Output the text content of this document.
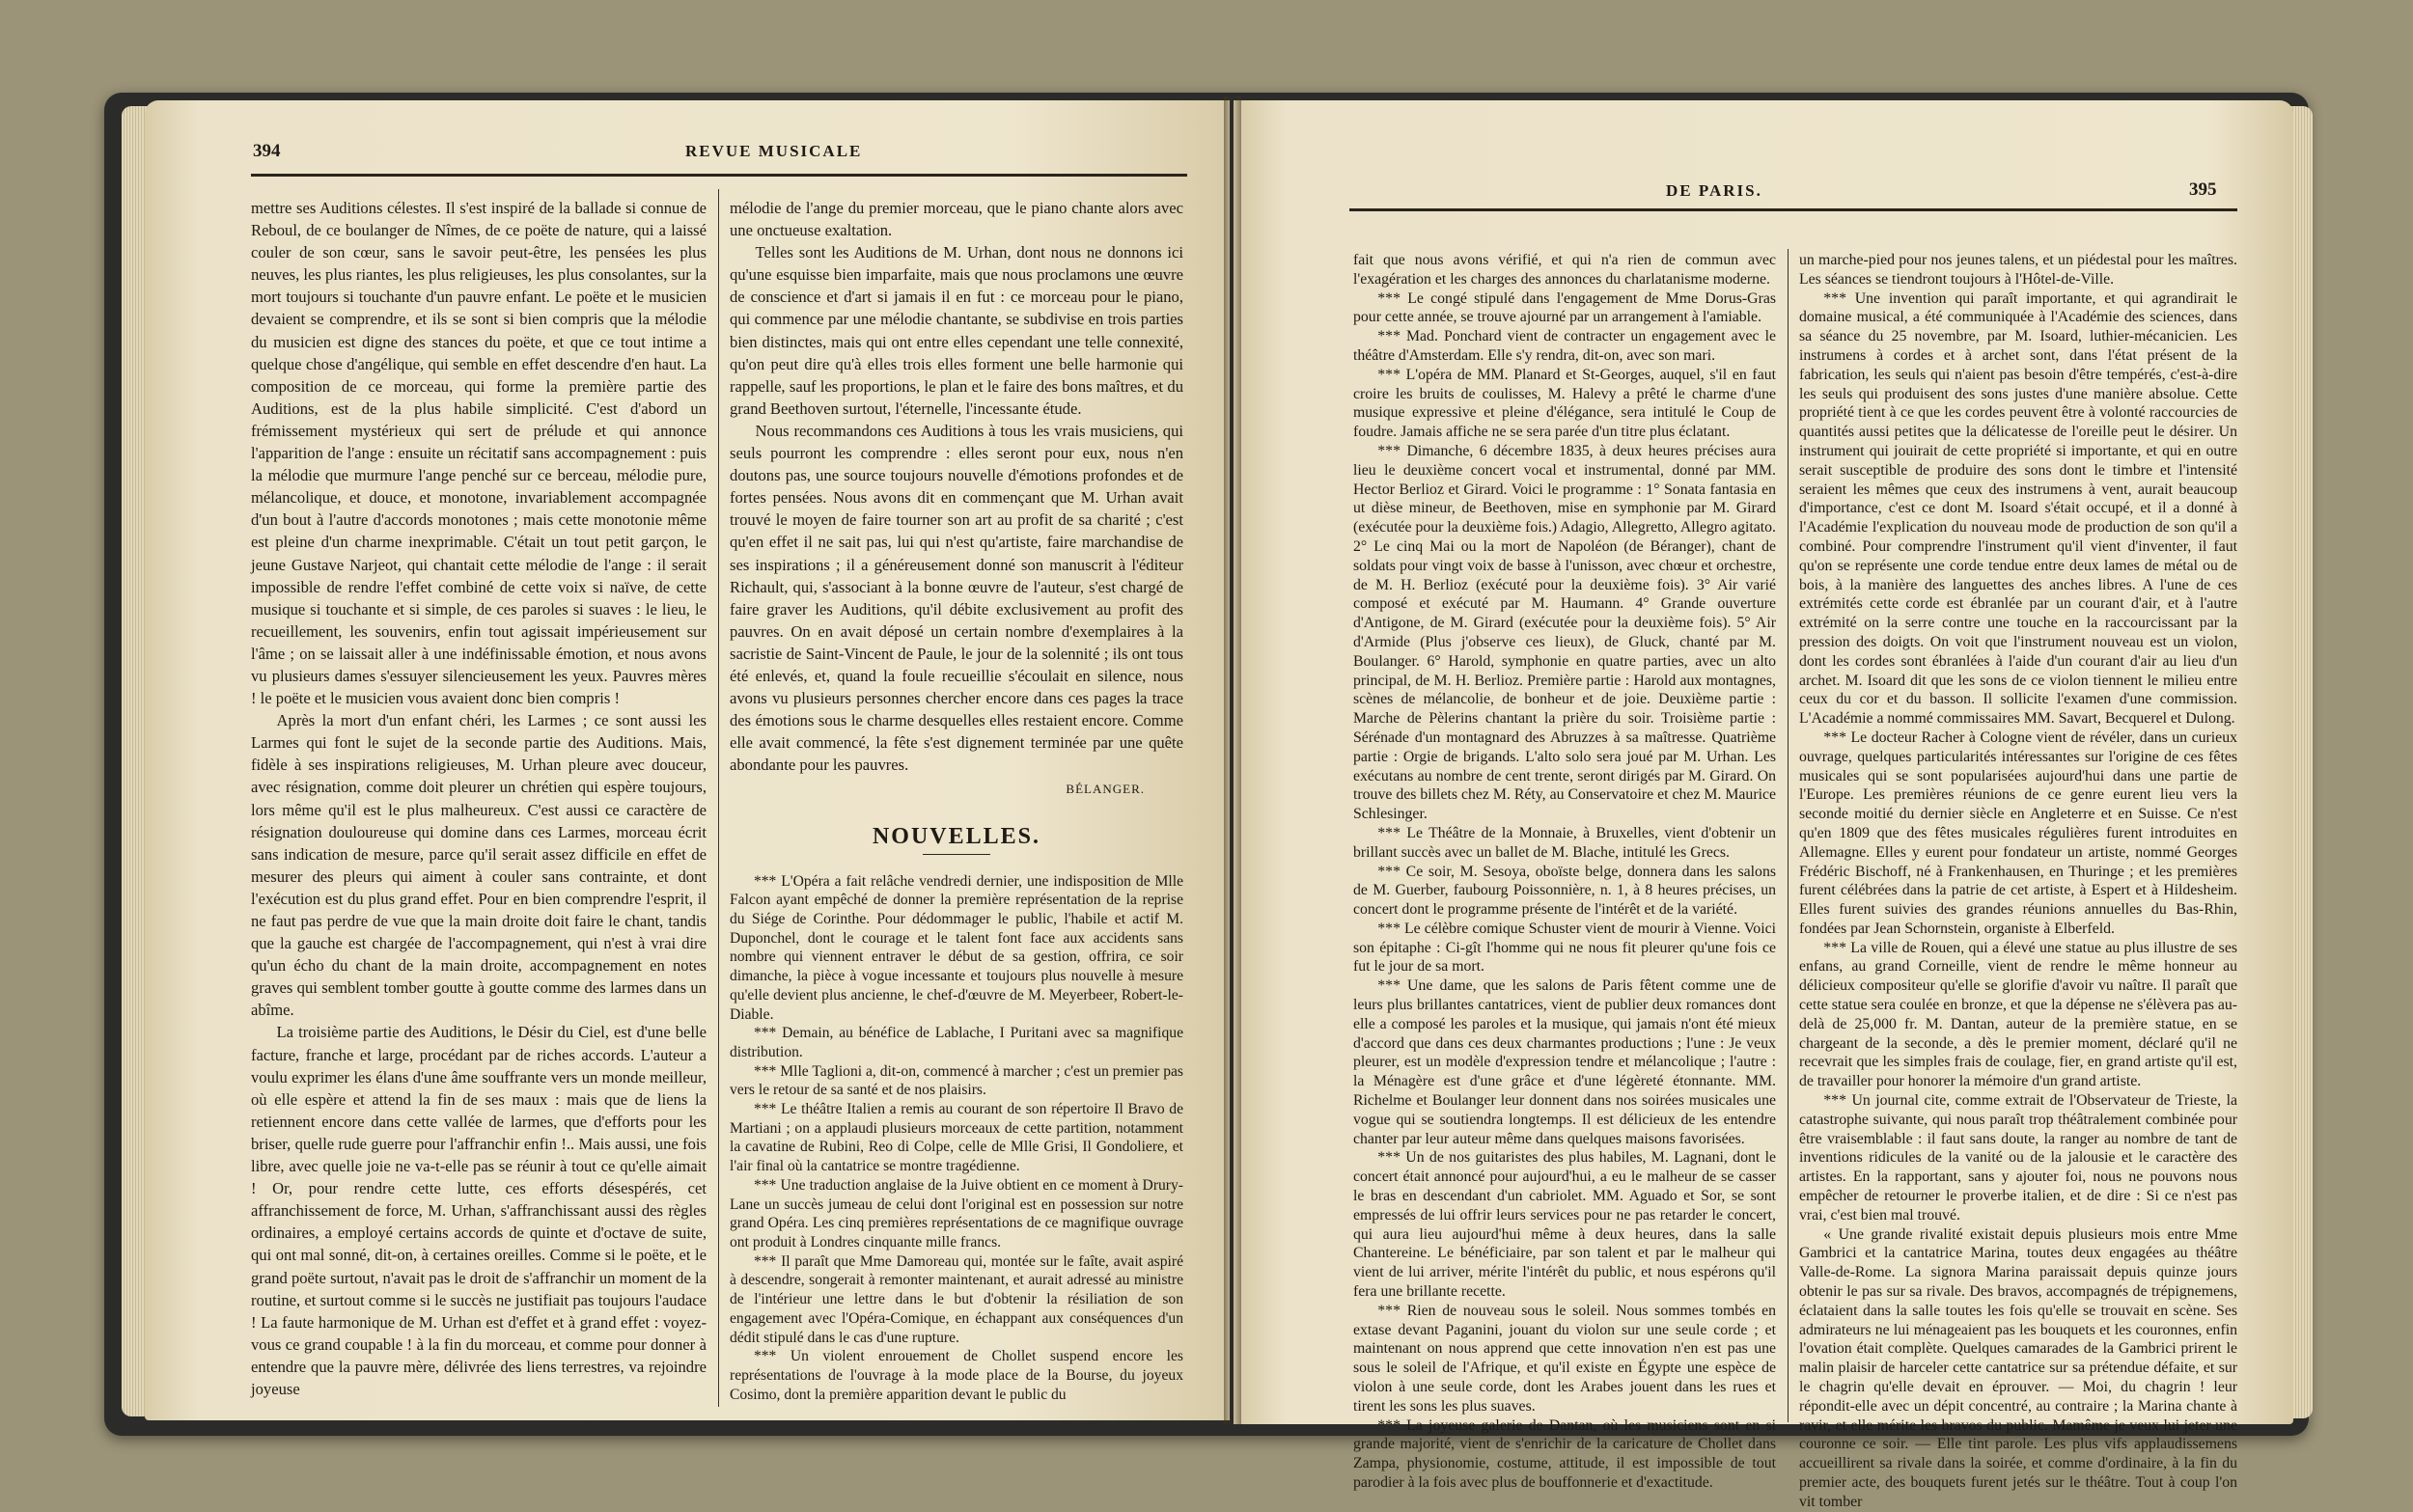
394	REVUE MUSICALE

mettre ses Auditions célestes. Il s'est inspiré de la ballade si connue de Reboul, de ce boulanger de Nîmes, de ce poëte de nature, qui a laissé couler de son cœur, sans le savoir peut-être, les pensées les plus neuves, les plus riantes, les plus religieuses, les plus consolantes, sur la mort toujours si touchante d'un pauvre enfant. Le poëte et le musicien devaient se comprendre, et ils se sont si bien compris que la mélodie du musicien est digne des stances du poëte, et que ce tout intime a quelque chose d'angélique, qui semble en effet descendre d'en haut. La composition de ce morceau, qui forme la première partie des Auditions, est de la plus habile simplicité. C'est d'abord un frémissement mystérieux qui sert de prélude et qui annonce l'apparition de l'ange : ensuite un récitatif sans accompagnement : puis la mélodie que murmure l'ange penché sur ce berceau, mélodie pure, mélancolique, et douce, et monotone, invariablement accompagnée d'un bout à l'autre d'accords monotones ; mais cette monotonie même est pleine d'un charme inexprimable. C'était un tout petit garçon, le jeune Gustave Narjeot, qui chantait cette mélodie de l'ange : il serait impossible de rendre l'effet combiné de cette voix si naïve, de cette musique si touchante et si simple, de ces paroles si suaves : le lieu, le recueillement, les souvenirs, enfin tout agissait impérieusement sur l'âme ; on se laissait aller à une indéfinissable émotion, et nous avons vu plusieurs dames s'essuyer silencieusement les yeux. Pauvres mères ! le poëte et le musicien vous avaient donc bien compris !

Après la mort d'un enfant chéri, les Larmes ; ce sont aussi les Larmes qui font le sujet de la seconde partie des Auditions. Mais, fidèle à ses inspirations religieuses, M. Urhan pleure avec douceur, avec résignation, comme doit pleurer un chrétien qui espère toujours, lors même qu'il est le plus malheureux. C'est aussi ce caractère de résignation douloureuse qui domine dans ces Larmes, morceau écrit sans indication de mesure, parce qu'il serait assez difficile en effet de mesurer des pleurs qui aiment à couler sans contrainte, et dont l'exécution est du plus grand effet. Pour en bien comprendre l'esprit, il ne faut pas perdre de vue que la main droite doit faire le chant, tandis que la gauche est chargée de l'accompagnement, qui n'est à vrai dire qu'un écho du chant de la main droite, accompagnement en notes graves qui semblent tomber goutte à goutte comme des larmes dans un abîme.

La troisième partie des Auditions, le Désir du Ciel, est d'une belle facture, franche et large, procédant par de riches accords. L'auteur a voulu exprimer les élans d'une âme souffrante vers un monde meilleur, où elle espère et attend la fin de ses maux : mais que de liens la retiennent encore dans cette vallée de larmes, que d'efforts pour les briser, quelle rude guerre pour l'affranchir enfin !.. Mais aussi, une fois libre, avec quelle joie ne va-t-elle pas se réunir à tout ce qu'elle aimait ! Or, pour rendre cette lutte, ces efforts désespérés, cet affranchissement de force, M. Urhan, s'affranchissant aussi des règles ordinaires, a employé certains accords de quinte et d'octave de suite, qui ont mal sonné, dit-on, à certaines oreilles. Comme si le poëte, et le grand poëte surtout, n'avait pas le droit de s'affranchir un moment de la routine, et surtout comme si le succès ne justifiait pas toujours l'audace ! La faute harmonique de M. Urhan est d'effet et à grand effet : voyez-vous ce grand coupable ! à la fin du morceau, et comme pour donner à entendre que la pauvre mère, délivrée des liens terrestres, va rejoindre joyeuse

mélodie de l'ange du premier morceau, que le piano chante alors avec une onctueuse exaltation.

Telles sont les Auditions de M. Urhan, dont nous ne donnons ici qu'une esquisse bien imparfaite, mais que nous proclamons une œuvre de conscience et d'art si jamais il en fut : ce morceau pour le piano, qui commence par une mélodie chantante, se subdivise en trois parties bien distinctes, mais qui ont entre elles cependant une telle connexité, qu'on peut dire qu'à elles trois elles forment une belle harmonie qui rappelle, sauf les proportions, le plan et le faire des bons maîtres, et du grand Beethoven surtout, l'éternelle, l'incessante étude.

Nous recommandons ces Auditions à tous les vrais musiciens, qui seuls pourront les comprendre : elles seront pour eux, nous n'en doutons pas, une source toujours nouvelle d'émotions profondes et de fortes pensées. Nous avons dit en commençant que M. Urhan avait trouvé le moyen de faire tourner son art au profit de sa charité ; c'est qu'en effet il ne sait pas, lui qui n'est qu'artiste, faire marchandise de ses inspirations ; il a généreusement donné son manuscrit à l'éditeur Richault, qui, s'associant à la bonne œuvre de l'auteur, s'est chargé de faire graver les Auditions, qu'il débite exclusivement au profit des pauvres. On en avait déposé un certain nombre d'exemplaires à la sacristie de Saint-Vincent de Paule, le jour de la solennité ; ils ont tous été enlevés, et, quand la foule recueillie s'écoulait en silence, nous avons vu plusieurs personnes chercher encore dans ces pages la trace des émotions sous le charme desquelles elles restaient encore. Comme elle avait commencé, la fête s'est dignement terminée par une quête abondante pour les pauvres.

BÉLANGER.
NOUVELLES.

*** L'Opéra a fait relâche vendredi dernier, une indisposition de Mlle Falcon ayant empêché de donner la première représentation de la reprise du Siége de Corinthe. Pour dédommager le public, l'habile et actif M. Duponchel, dont le courage et le talent font face aux accidents sans nombre qui viennent entraver le début de sa gestion, offrira, ce soir dimanche, la pièce à vogue incessante et toujours plus nouvelle à mesure qu'elle devient plus ancienne, le chef-d'œuvre de M. Meyerbeer, Robert-le-Diable.

*** Demain, au bénéfice de Lablache, I Puritani avec sa magnifique distribution.

*** Mlle Taglioni a, dit-on, commencé à marcher ; c'est un premier pas vers le retour de sa santé et de nos plaisirs.

*** Le théâtre Italien a remis au courant de son répertoire Il Bravo de Martiani ; on a applaudi plusieurs morceaux de cette partition, notamment la cavatine de Rubini, Reo di Colpe, celle de Mlle Grisi, Il Gondoliere, et l'air final où la cantatrice se montre tragédienne.

*** Une traduction anglaise de la Juive obtient en ce moment à Drury-Lane un succès jumeau de celui dont l'original est en possession sur notre grand Opéra. Les cinq premières représentations de ce magnifique ouvrage ont produit à Londres cinquante mille francs.

*** Il paraît que Mme Damoreau qui, montée sur le faîte, avait aspiré à descendre, songerait à remonter maintenant, et aurait adressé au ministre de l'intérieur une lettre dans le but d'obtenir la résiliation de son engagement avec l'Opéra-Comique, en échappant aux conséquences d'un dédit stipulé dans le cas d'une rupture.

*** Un violent enrouement de Chollet suspend encore les représentations de l'ouvrage à la mode place de la Bourse, du joyeux Cosimo, dont la première apparition devant le public du

DE PARIS.	395

fait que nous avons vérifié, et qui n'a rien de commun avec l'exagération et les charges des annonces du charlatanisme moderne.

*** Le congé stipulé dans l'engagement de Mme Dorus-Gras pour cette année, se trouve ajourné par un arrangement à l'amiable.

*** Mad. Ponchard vient de contracter un engagement avec le théâtre d'Amsterdam. Elle s'y rendra, dit-on, avec son mari.

*** L'opéra de MM. Planard et St-Georges, auquel, s'il en faut croire les bruits de coulisses, M. Halevy a prêté le charme d'une musique expressive et pleine d'élégance, sera intitulé le Coup de foudre. Jamais affiche ne se sera parée d'un titre plus éclatant.

*** Dimanche, 6 décembre 1835, à deux heures précises aura lieu le deuxième concert vocal et instrumental, donné par MM. Hector Berlioz et Girard. Voici le programme : 1° Sonata fantasia en ut dièse mineur, de Beethoven, mise en symphonie par M. Girard (exécutée pour la deuxième fois.) Adagio, Allegretto, Allegro agitato. 2° Le cinq Mai ou la mort de Napoléon (de Béranger), chant de soldats pour vingt voix de basse à l'unisson, avec chœur et orchestre, de M. H. Berlioz (exécuté pour la deuxième fois). 3° Air varié composé et exécuté par M. Haumann. 4° Grande ouverture d'Antigone, de M. Girard (exécutée pour la deuxième fois). 5° Air d'Armide (Plus j'observe ces lieux), de Gluck, chanté par M. Boulanger. 6° Harold, symphonie en quatre parties, avec un alto principal, de M. H. Berlioz. Première partie : Harold aux montagnes, scènes de mélancolie, de bonheur et de joie. Deuxième partie : Marche de Pèlerins chantant la prière du soir. Troisième partie : Sérénade d'un montagnard des Abruzzes à sa maîtresse. Quatrième partie : Orgie de brigands. L'alto solo sera joué par M. Urhan. Les exécutans au nombre de cent trente, seront dirigés par M. Girard. On trouve des billets chez M. Réty, au Conservatoire et chez M. Maurice Schlesinger.

*** Le Théâtre de la Monnaie, à Bruxelles, vient d'obtenir un brillant succès avec un ballet de M. Blache, intitulé les Grecs.

*** Ce soir, M. Sesoya, oboïste belge, donnera dans les salons de M. Guerber, faubourg Poissonnière, n. 1, à 8 heures précises, un concert dont le programme présente de l'intérêt et de la variété.

*** Le célèbre comique Schuster vient de mourir à Vienne. Voici son épitaphe : Ci-gît l'homme qui ne nous fit pleurer qu'une fois ce fut le jour de sa mort.

*** Une dame, que les salons de Paris fêtent comme une de leurs plus brillantes cantatrices, vient de publier deux romances dont elle a composé les paroles et la musique, qui jamais n'ont été mieux d'accord que dans ces deux charmantes productions ; l'une : Je veux pleurer, est un modèle d'expression tendre et mélancolique ; l'autre : la Ménagère est d'une grâce et d'une légèreté étonnante. MM. Richelme et Boulanger leur donnent dans nos soirées musicales une vogue qui se soutiendra longtemps. Il est délicieux de les entendre chanter par leur auteur même dans quelques maisons favorisées.

*** Un de nos guitaristes des plus habiles, M. Lagnani, dont le concert était annoncé pour aujourd'hui, a eu le malheur de se casser le bras en descendant d'un cabriolet. MM. Aguado et Sor, se sont empressés de lui offrir leurs services pour ne pas retarder le concert, qui aura lieu aujourd'hui même à deux heures, dans la salle Chantereine. Le bénéficiaire, par son talent et par le malheur qui vient de lui arriver, mérite l'intérêt du public, et nous espérons qu'il fera une brillante recette.

*** Rien de nouveau sous le soleil. Nous sommes tombés en extase devant Paganini, jouant du violon sur une seule corde ; et maintenant on nous apprend que cette innovation n'en est pas une sous le soleil de l'Afrique, et qu'il existe en Égypte une espèce de violon à une seule corde, dont les Arabes jouent dans les rues et tirent les sons les plus suaves.

*** La joyeuse galerie de Dantan, où les musiciens sont en si grande majorité, vient de s'enrichir de la caricature de Chollet dans Zampa, physionomie, costume, attitude, il est impossible de tout parodier à la fois avec plus de bouffonnerie et d'exactitude.

un marche-pied pour nos jeunes talens, et un piédestal pour les maîtres. Les séances se tiendront toujours à l'Hôtel-de-Ville.

*** Une invention qui paraît importante, et qui agrandirait le domaine musical, a été communiquée à l'Académie des sciences, dans sa séance du 25 novembre, par M. Isoard, luthier-mécanicien. Les instrumens à cordes et à archet sont, dans l'état présent de la fabrication, les seuls qui n'aient pas besoin d'être tempérés, c'est-à-dire les seuls qui produisent des sons justes d'une manière absolue. Cette propriété tient à ce que les cordes peuvent être à volonté raccourcies de quantités aussi petites que la délicatesse de l'oreille peut le désirer. Un instrument qui jouirait de cette propriété si importante, et qui en outre serait susceptible de produire des sons dont le timbre et l'intensité seraient les mêmes que ceux des instrumens à vent, aurait beaucoup d'importance, c'est ce dont M. Isoard s'était occupé, et il a donné à l'Académie l'explication du nouveau mode de production de son qu'il a combiné. Pour comprendre l'instrument qu'il vient d'inventer, il faut qu'on se représente une corde tendue entre deux lames de métal ou de bois, à la manière des languettes des anches libres. A l'une de ces extrémités cette corde est ébranlée par un courant d'air, et à l'autre extrémité on la serre contre une touche en la raccourcissant par la pression des doigts. On voit que l'instrument nouveau est un violon, dont les cordes sont ébranlées à l'aide d'un courant d'air au lieu d'un archet. M. Isoard dit que les sons de ce violon tiennent le milieu entre ceux du cor et du basson. Il sollicite l'examen d'une commission. L'Académie a nommé commissaires MM. Savart, Becquerel et Dulong.

*** Le docteur Racher à Cologne vient de révéler, dans un curieux ouvrage, quelques particularités intéressantes sur l'origine de ces fêtes musicales qui se sont popularisées aujourd'hui dans une partie de l'Europe. Les premières réunions de ce genre eurent lieu vers la seconde moitié du dernier siècle en Angleterre et en Suisse. Ce n'est qu'en 1809 que des fêtes musicales régulières furent introduites en Allemagne. Elles y eurent pour fondateur un artiste, nommé Georges Frédéric Bischoff, né à Frankenhausen, en Thuringe ; et les premières furent célébrées dans la patrie de cet artiste, à Espert et à Hildesheim. Elles furent suivies des grandes réunions annuelles du Bas-Rhin, fondées par Jean Schornstein, organiste à Elberfeld.

*** La ville de Rouen, qui a élevé une statue au plus illustre de ses enfans, au grand Corneille, vient de rendre le même honneur au délicieux compositeur qu'elle se glorifie d'avoir vu naître. Il paraît que cette statue sera coulée en bronze, et que la dépense ne s'élèvera pas au-delà de 25,000 fr. M. Dantan, auteur de la première statue, en se chargeant de la seconde, a dès le premier moment, déclaré qu'il ne recevrait que les simples frais de coulage, fier, en grand artiste qu'il est, de travailler pour honorer la mémoire d'un grand artiste.

*** Un journal cite, comme extrait de l'Observateur de Trieste, la catastrophe suivante, qui nous paraît trop théâtralement combinée pour être vraisemblable : il faut sans doute, la ranger au nombre de tant de inventions ridicules de la vanité ou de la jalousie et le caractère des artistes. En la rapportant, sans y ajouter foi, nous ne pouvons nous empêcher de retourner le proverbe italien, et de dire : Si ce n'est pas vrai, c'est bien mal trouvé.

« Une grande rivalité existait depuis plusieurs mois entre Mme Gambrici et la cantatrice Marina, toutes deux engagées au théâtre Valle-de-Rome. La signora Marina paraissait depuis quinze jours obtenir le pas sur sa rivale. Des bravos, accompagnés de trépignemens, éclataient dans la salle toutes les fois qu'elle se trouvait en scène. Ses admirateurs ne lui ménageaient pas les bouquets et les couronnes, enfin l'ovation était complète. Quelques camarades de la Gambrici prirent le malin plaisir de harceler cette cantatrice sur sa prétendue défaite, et sur le chagrin qu'elle devait en éprouver. — Moi, du chagrin ! leur répondit-elle avec un dépit concentré, au contraire ; la Marina chante à ravir, et elle mérite les bravos du public. Mamême je veux lui jeter une couronne ce soir. — Elle tint parole. Les plus vifs applaudissemens accueillirent sa rivale dans la soirée, et comme d'ordinaire, à la fin du premier acte, des bouquets furent jetés sur le théâtre. Tout à coup l'on vit tomber
